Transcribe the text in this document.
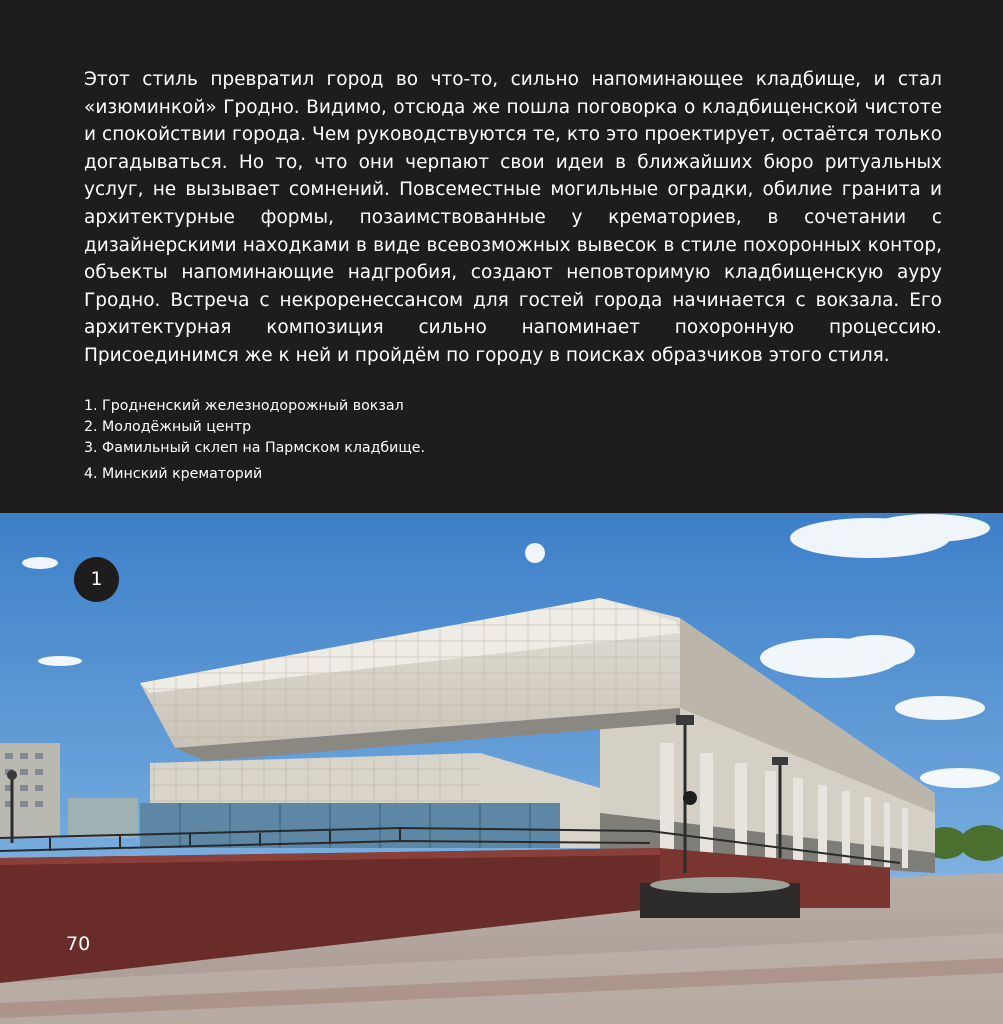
Этот стиль превратил город во что-то, сильно напоминающее кладбище, и стал «изюминкой» Гродно. Видимо, отсюда же пошла поговорка о кладбищенской чистоте и спокойствии города. Чем руководствуются те, кто это проектирует, остаётся только догадываться. Но то, что они черпают свои идеи в ближайших бюро ритуальных услуг, не вызывает сомнений. Повсеместные могильные оградки, обилие гранита и архитектурные формы, позаимствованные у крематориев, в сочетании с дизайнерскими находками в виде всевозможных вывесок в стиле похоронных контор, объекты напоминающие надгробия, создают неповторимую кладбищенскую ауру Гродно. Встреча с некроренессансом для гостей города начинается с вокзала. Его архитектурная композиция сильно напоминает похоронную процессию. Присоединимся же к ней и пройдём по городу в поисках образчиков этого стиля.

1. Гродненский железнодорожный вокзал
2. Молодёжный центр
3. Фамильный склеп на Пармском кладбище.
4. Минский крематорий
1
70
